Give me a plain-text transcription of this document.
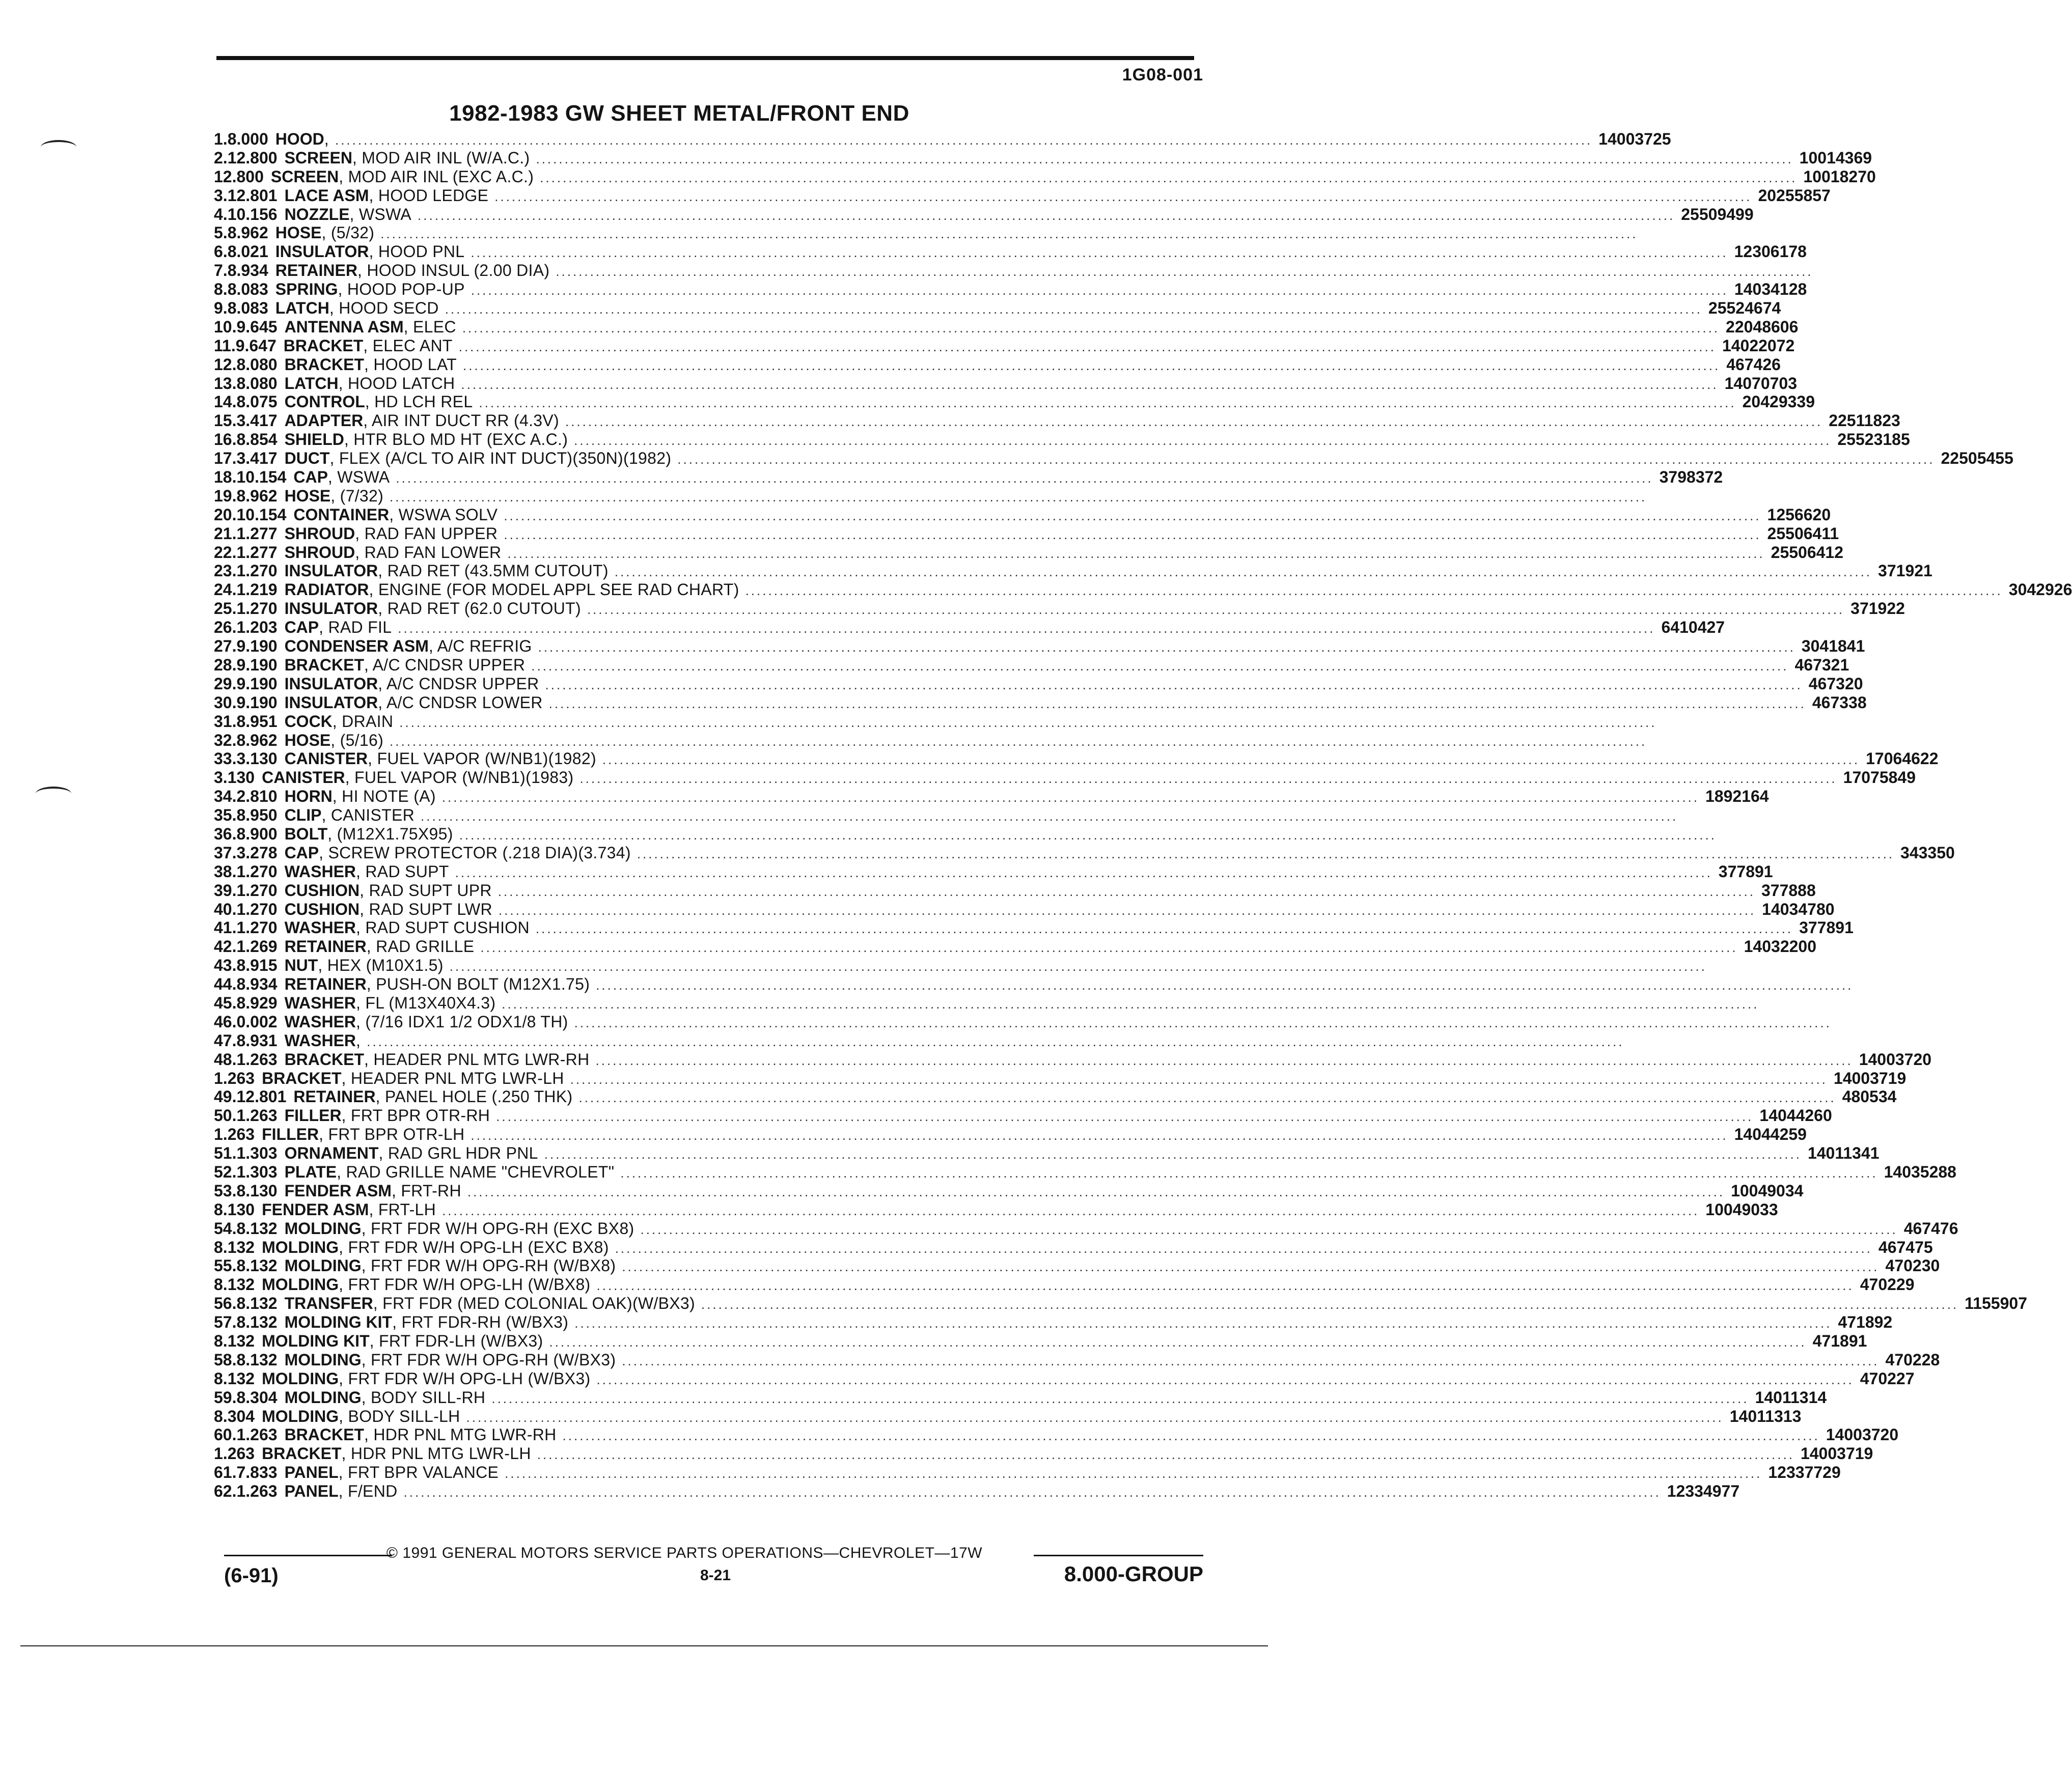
1G08-001
1982-1983 GW SHEET METAL/FRONT END
1. 8.000 HOOD , ............................................................................................................................................................................................................................ 14003725
2. 12.800 SCREEN , MOD AIR INL (W/A.C.) ............................................................................................................................................................................................................................ 10014369
12.800 SCREEN , MOD AIR INL (EXC A.C.) ............................................................................................................................................................................................................................ 10018270
3. 12.801 LACE ASM , HOOD LEDGE ............................................................................................................................................................................................................................ 20255857
4. 10.156 NOZZLE , WSWA ............................................................................................................................................................................................................................ 25509499
5. 8.962 HOSE , (5/32) ............................................................................................................................................................................................................................
6. 8.021 INSULATOR , HOOD PNL ............................................................................................................................................................................................................................ 12306178
7. 8.934 RETAINER , HOOD INSUL (2.00 DIA) ............................................................................................................................................................................................................................
8. 8.083 SPRING , HOOD POP-UP ............................................................................................................................................................................................................................ 14034128
9. 8.083 LATCH , HOOD SECD ............................................................................................................................................................................................................................ 25524674
10. 9.645 ANTENNA ASM , ELEC ............................................................................................................................................................................................................................ 22048606
11. 9.647 BRACKET , ELEC ANT ............................................................................................................................................................................................................................ 14022072
12. 8.080 BRACKET , HOOD LAT ............................................................................................................................................................................................................................ 467426
13. 8.080 LATCH , HOOD LATCH ............................................................................................................................................................................................................................ 14070703
14. 8.075 CONTROL , HD LCH REL ............................................................................................................................................................................................................................ 20429339
15. 3.417 ADAPTER , AIR INT DUCT RR (4.3V) ............................................................................................................................................................................................................................ 22511823
16. 8.854 SHIELD , HTR BLO MD HT (EXC A.C.) ............................................................................................................................................................................................................................ 25523185
17. 3.417 DUCT , FLEX (A/CL TO AIR INT DUCT)(350N)(1982) ............................................................................................................................................................................................................................ 22505455
18. 10.154 CAP , WSWA ............................................................................................................................................................................................................................ 3798372
19. 8.962 HOSE , (7/32) ............................................................................................................................................................................................................................
20. 10.154 CONTAINER , WSWA SOLV ............................................................................................................................................................................................................................ 1256620
21. 1.277 SHROUD , RAD FAN UPPER ............................................................................................................................................................................................................................ 25506411
22. 1.277 SHROUD , RAD FAN LOWER ............................................................................................................................................................................................................................ 25506412
23. 1.270 INSULATOR , RAD RET (43.5MM CUTOUT) ............................................................................................................................................................................................................................ 371921
24. 1.219 RADIATOR , ENGINE (FOR MODEL APPL SEE RAD CHART) ............................................................................................................................................................................................................................ 3042926
25. 1.270 INSULATOR , RAD RET (62.0 CUTOUT) ............................................................................................................................................................................................................................ 371922
26. 1.203 CAP , RAD FIL ............................................................................................................................................................................................................................ 6410427
27. 9.190 CONDENSER ASM , A/C REFRIG ............................................................................................................................................................................................................................ 3041841
28. 9.190 BRACKET , A/C CNDSR UPPER ............................................................................................................................................................................................................................ 467321
29. 9.190 INSULATOR , A/C CNDSR UPPER ............................................................................................................................................................................................................................ 467320
30. 9.190 INSULATOR , A/C CNDSR LOWER ............................................................................................................................................................................................................................ 467338
31. 8.951 COCK , DRAIN ............................................................................................................................................................................................................................
32. 8.962 HOSE , (5/16) ............................................................................................................................................................................................................................
33. 3.130 CANISTER , FUEL VAPOR (W/NB1)(1982) ............................................................................................................................................................................................................................ 17064622
3.130 CANISTER , FUEL VAPOR (W/NB1)(1983) ............................................................................................................................................................................................................................ 17075849
34. 2.810 HORN , HI NOTE (A) ............................................................................................................................................................................................................................ 1892164
35. 8.950 CLIP , CANISTER ............................................................................................................................................................................................................................
36. 8.900 BOLT , (M12X1.75X95) ............................................................................................................................................................................................................................
37. 3.278 CAP , SCREW PROTECTOR (.218 DIA)(3.734) ............................................................................................................................................................................................................................ 343350
38. 1.270 WASHER , RAD SUPT ............................................................................................................................................................................................................................ 377891
39. 1.270 CUSHION , RAD SUPT UPR ............................................................................................................................................................................................................................ 377888
40. 1.270 CUSHION , RAD SUPT LWR ............................................................................................................................................................................................................................ 14034780
41. 1.270 WASHER , RAD SUPT CUSHION ............................................................................................................................................................................................................................ 377891
42. 1.269 RETAINER , RAD GRILLE ............................................................................................................................................................................................................................ 14032200
43. 8.915 NUT , HEX (M10X1.5) ............................................................................................................................................................................................................................
44. 8.934 RETAINER , PUSH-ON BOLT (M12X1.75) ............................................................................................................................................................................................................................
45. 8.929 WASHER , FL (M13X40X4.3) ............................................................................................................................................................................................................................
46. 0.002 WASHER , (7/16 IDX1 1/2 ODX1/8 TH) ............................................................................................................................................................................................................................
47. 8.931 WASHER , ............................................................................................................................................................................................................................
48. 1.263 BRACKET , HEADER PNL MTG LWR-RH ............................................................................................................................................................................................................................ 14003720
1.263 BRACKET , HEADER PNL MTG LWR-LH ............................................................................................................................................................................................................................ 14003719
49. 12.801 RETAINER , PANEL HOLE (.250 THK) ............................................................................................................................................................................................................................ 480534
50. 1.263 FILLER , FRT BPR OTR-RH ............................................................................................................................................................................................................................ 14044260
1.263 FILLER , FRT BPR OTR-LH ............................................................................................................................................................................................................................ 14044259
51. 1.303 ORNAMENT , RAD GRL HDR PNL ............................................................................................................................................................................................................................ 14011341
52. 1.303 PLATE , RAD GRILLE NAME "CHEVROLET" ............................................................................................................................................................................................................................ 14035288
53. 8.130 FENDER ASM , FRT-RH ............................................................................................................................................................................................................................ 10049034
8.130 FENDER ASM , FRT-LH ............................................................................................................................................................................................................................ 10049033
54. 8.132 MOLDING , FRT FDR W/H OPG-RH (EXC BX8) ............................................................................................................................................................................................................................ 467476
8.132 MOLDING , FRT FDR W/H OPG-LH (EXC BX8) ............................................................................................................................................................................................................................ 467475
55. 8.132 MOLDING , FRT FDR W/H OPG-RH (W/BX8) ............................................................................................................................................................................................................................ 470230
8.132 MOLDING , FRT FDR W/H OPG-LH (W/BX8) ............................................................................................................................................................................................................................ 470229
56. 8.132 TRANSFER , FRT FDR (MED COLONIAL OAK)(W/BX3) ............................................................................................................................................................................................................................ 1155907
57. 8.132 MOLDING KIT , FRT FDR-RH (W/BX3) ............................................................................................................................................................................................................................ 471892
8.132 MOLDING KIT , FRT FDR-LH (W/BX3) ............................................................................................................................................................................................................................ 471891
58. 8.132 MOLDING , FRT FDR W/H OPG-RH (W/BX3) ............................................................................................................................................................................................................................ 470228
8.132 MOLDING , FRT FDR W/H OPG-LH (W/BX3) ............................................................................................................................................................................................................................ 470227
59. 8.304 MOLDING , BODY SILL-RH ............................................................................................................................................................................................................................ 14011314
8.304 MOLDING , BODY SILL-LH ............................................................................................................................................................................................................................ 14011313
60. 1.263 BRACKET , HDR PNL MTG LWR-RH ............................................................................................................................................................................................................................ 14003720
1.263 BRACKET , HDR PNL MTG LWR-LH ............................................................................................................................................................................................................................ 14003719
61. 7.833 PANEL , FRT BPR VALANCE ............................................................................................................................................................................................................................ 12337729
62. 1.263 PANEL , F/END ............................................................................................................................................................................................................................ 12334977
© 1991 GENERAL MOTORS SERVICE PARTS OPERATIONS—CHEVROLET—17W
(6-91)	8-21	8.000-GROUP
